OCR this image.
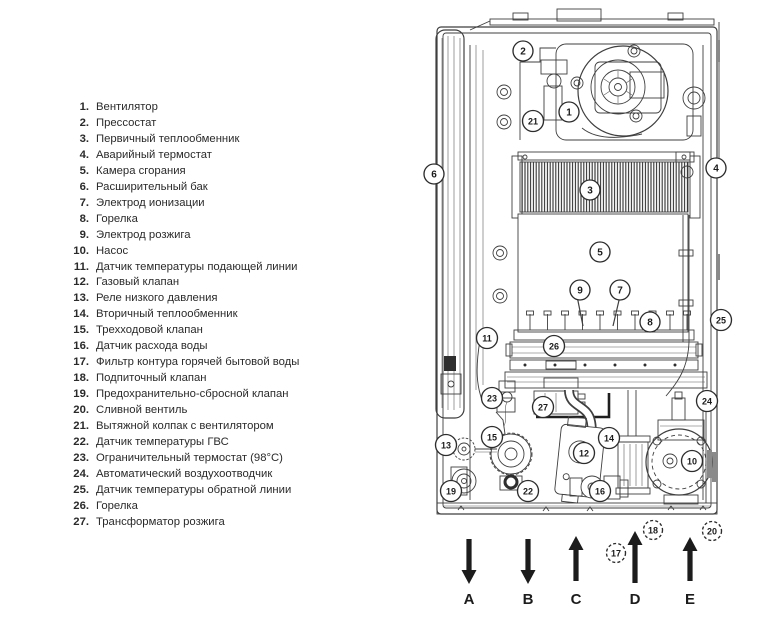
1. Вентилятор
2. Прессостат
3. Первичный теплообменник
4. Аварийный термостат
5. Камера сгорания
6. Расширительный бак
7. Электрод ионизации
8. Горелка
9. Электрод розжига
10. Насос
11. Датчик температуры подающей линии
12. Газовый клапан
13. Реле низкого давления
14. Вторичный теплообменник
15. Трехходовой клапан
16. Датчик расхода воды
17. Фильтр контура горячей бытовой воды
18. Подпиточный клапан
19. Предохранительно-сбросной клапан
20. Сливной вентиль
21. Вытяжной колпак с вентилятором
22. Датчик температуры ГВС
23. Ограничительный термостат (98°C)
24. Автоматический воздухоотводчик
25. Датчик температуры обратной линии
26. Горелка
27. Трансформатор розжига
1
2
3
4
5
6
7
8
9
10
11
12
13
14
15
16
17
18
19
20
21
22
23	24
25
26
27
A	B C	D	E
